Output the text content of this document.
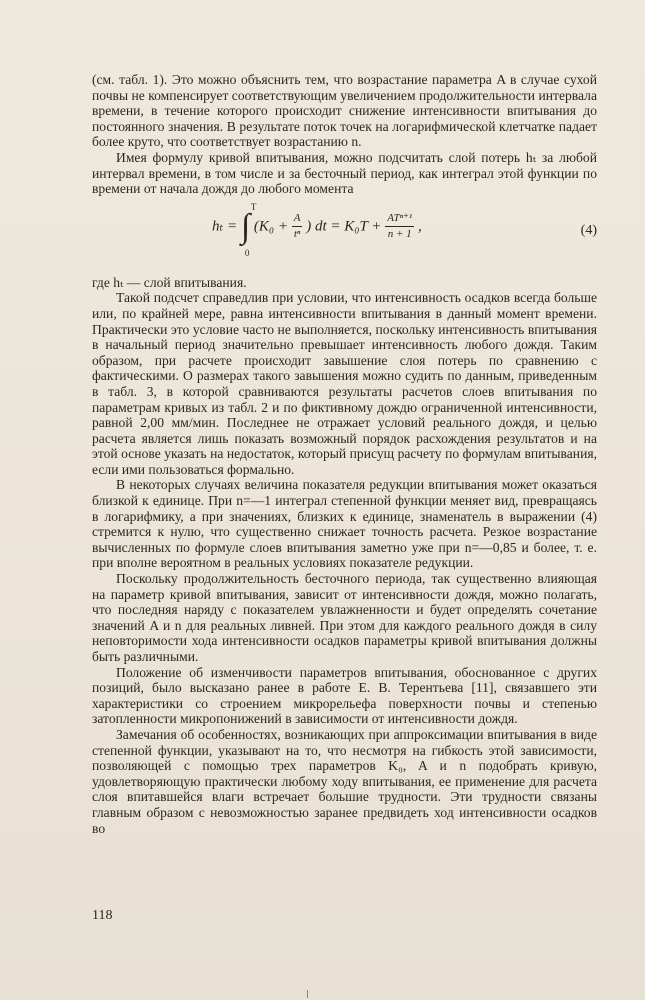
(см. табл. 1). Это можно объяснить тем, что возрастание параметра A в случае сухой почвы не компенсирует соответствующим увеличением продолжительности интервала времени, в течение которого происходит снижение интенсивности впитывания до постоянного значения. В результате поток точек на логарифмической клетчатке падает более круто, что соответствует возрастанию n.

Имея формулу кривой впитывания, можно подсчитать слой потерь hₜ за любой интервал времени, в том числе и за бесточный период, как интеграл этой функции по времени от начала дождя до любого момента

hₜ = ∫
T
0
($K_0 + \frac{A}{\text{tⁿ}}$ ) dt = $K_0T + \frac{\text{ATⁿ⁺¹}}{n + 1}$ ,	(4)

где hₜ — слой впитывания.

Такой подсчет справедлив при условии, что интенсивность осадков всегда больше или, по крайней мере, равна интенсивности впитывания в данный момент времени. Практически это условие часто не выполняется, поскольку интенсивность впитывания в начальный период значительно превышает интенсивность любого дождя. Таким образом, при расчете происходит завышение слоя потерь по сравнению с фактическими. О размерах такого завышения можно судить по данным, приведенным в табл. 3, в которой сравниваются результаты расчетов слоев впитывания по параметрам кривых из табл. 2 и по фиктивному дождю ограниченной интенсивности, равной 2,00 мм/мин. Последнее не отражает условий реального дождя, и целью расчета является лишь показать возможный порядок расхождения результатов и на этой основе указать на недостаток, который присущ расчету по формулам впитывания, если ими пользоваться формально.

В некоторых случаях величина показателя редукции впитывания может оказаться близкой к единице. При n=—1 интеграл степенной функции меняет вид, превращаясь в логарифмику, а при значениях, близких к единице, знаменатель в выражении (4) стремится к нулю, что существенно снижает точность расчета. Резкое возрастание вычисленных по формуле слоев впитывания заметно уже при n=—0,85 и более, т. е. при вполне вероятном в реальных условиях показателе редукции.

Поскольку продолжительность бесточного периода, так существенно влияющая на параметр кривой впитывания, зависит от интенсивности дождя, можно полагать, что последняя наряду с показателем увлажненности и будет определять сочетание значений A и n для реальных ливней. При этом для каждого реального дождя в силу неповторимости хода интенсивности осадков параметры кривой впитывания должны быть различными.

Положение об изменчивости параметров впитывания, обоснованное с других позиций, было высказано ранее в работе Е. В. Терентьева [11], связавшего эти характеристики со строением микрорельефа поверхности почвы и степенью затопленности микропонижений в зависимости от интенсивности дождя.

Замечания об особенностях, возникающих при аппроксимации впитывания в виде степенной функции, указывают на то, что несмотря на гибкость этой зависимости, позволяющей с помощью трех параметров K₀, A и n подобрать кривую, удовлетворяющую практически любому ходу впитывания, ее применение для расчета слоя впитавшейся влаги встречает большие трудности. Эти трудности связаны главным образом с невозможностью заранее предвидеть ход интенсивности осадков во

118
